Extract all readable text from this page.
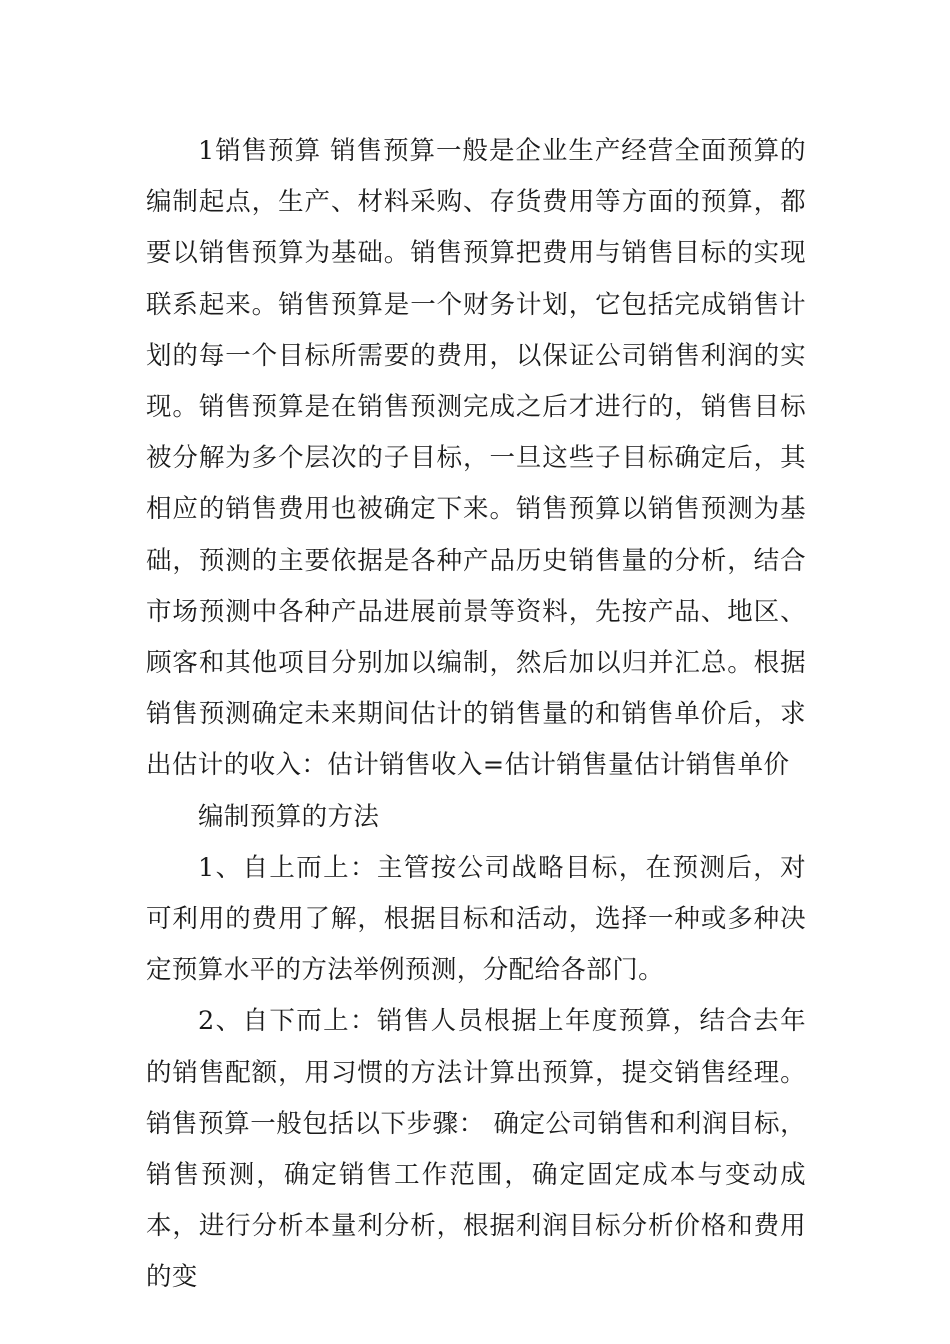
1销售预算 销售预算一般是企业生产经营全面预算的编制起点，生产、材料采购、存货费用等方面的预算，都要以销售预算为基础。销售预算把费用与销售目标的实现联系起来。销售预算是一个财务计划，它包括完成销售计划的每一个目标所需要的费用，以保证公司销售利润的实现。销售预算是在销售预测完成之后才进行的，销售目标被分解为多个层次的子目标，一旦这些子目标确定后，其相应的销售费用也被确定下来。销售预算以销售预测为基础，预测的主要依据是各种产品历史销售量的分析，结合市场预测中各种产品进展前景等资料，先按产品、地区、顾客和其他项目分别加以编制，然后加以归并汇总。根据销售预测确定未来期间估计的销售量的和销售单价后，求出估计的收入：估计销售收入=估计销售量估计销售单价

编制预算的方法

1、自上而上：主管按公司战略目标，在预测后，对可利用的费用了解，根据目标和活动，选择一种或多种决定预算水平的方法举例预测，分配给各部门。

2、自下而上：销售人员根据上年度预算，结合去年的销售配额，用习惯的方法计算出预算，提交销售经理。销售预算一般包括以下步骤： 确定公司销售和利润目标，销售预测，确定销售工作范围，确定固定成本与变动成本，进行分析本量利分析，根据利润目标分析价格和费用的变
